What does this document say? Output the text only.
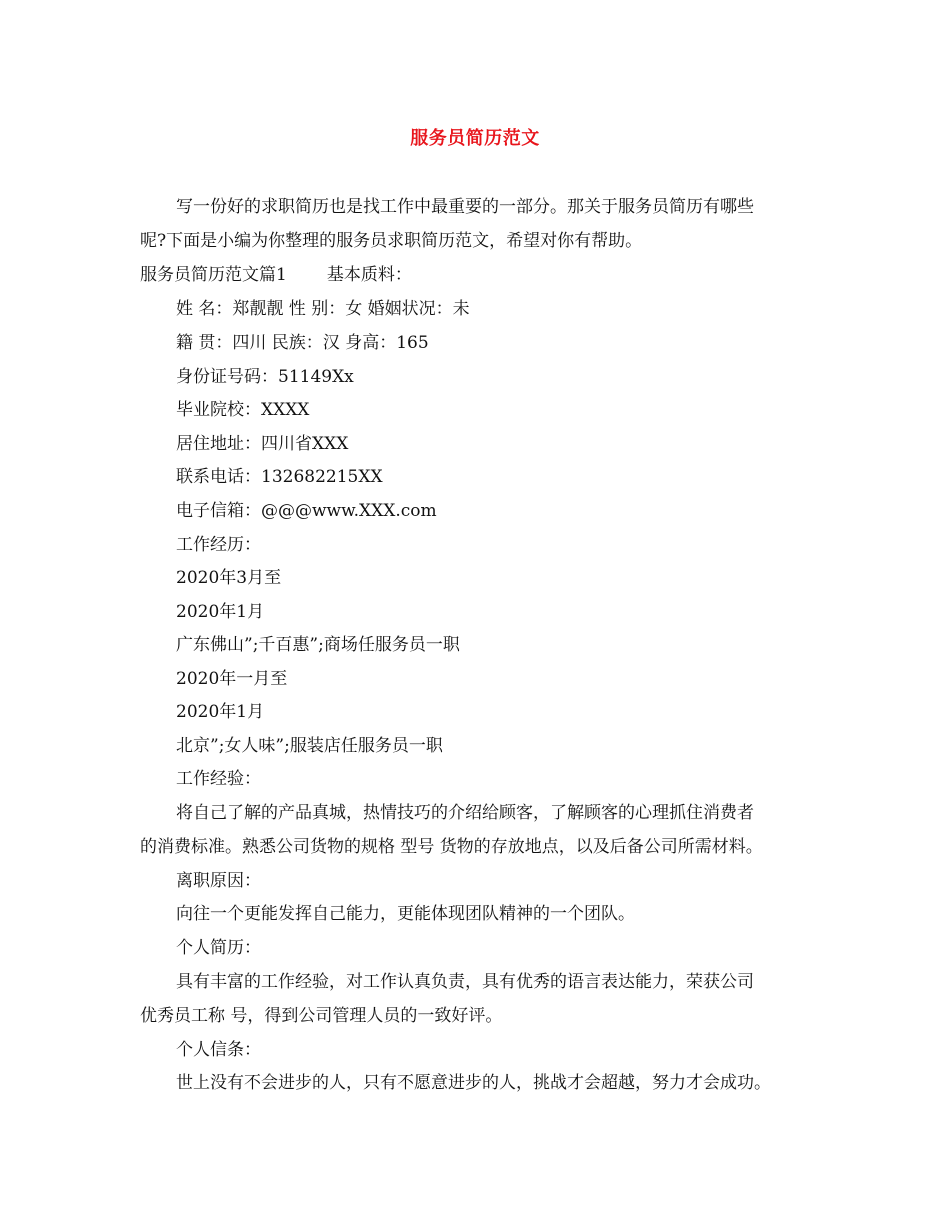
服务员简历范文
写一份好的求职简历也是找工作中最重要的一部分。那关于服务员简历有哪些
呢?下面是小编为你整理的服务员求职简历范文，希望对你有帮助。
服务员简历范文篇1 基本质料：
姓 名：郑靓靓 性 别：女 婚姻状况：未
籍 贯：四川 民族：汉 身高：165
身份证号码：51149Xx
毕业院校：XXXX
居住地址：四川省XXX
联系电话：132682215XX
电子信箱：@@@www.XXX.com
工作经历：
2020年3月至
2020年1月
广东佛山”;千百惠”;商场任服务员一职
2020年一月至
2020年1月
北京”;女人味”;服装店任服务员一职
工作经验：
将自己了解的产品真城，热情技巧的介绍给顾客，了解顾客的心理抓住消费者
的消费标准。熟悉公司货物的规格 型号 货物的存放地点，以及后备公司所需材料。
离职原因：
向往一个更能发挥自己能力，更能体现团队精神的一个团队。
个人简历：
具有丰富的工作经验，对工作认真负责，具有优秀的语言表达能力，荣获公司
优秀员工称 号，得到公司管理人员的一致好评。
个人信条：
世上没有不会进步的人，只有不愿意进步的人，挑战才会超越，努力才会成功。
